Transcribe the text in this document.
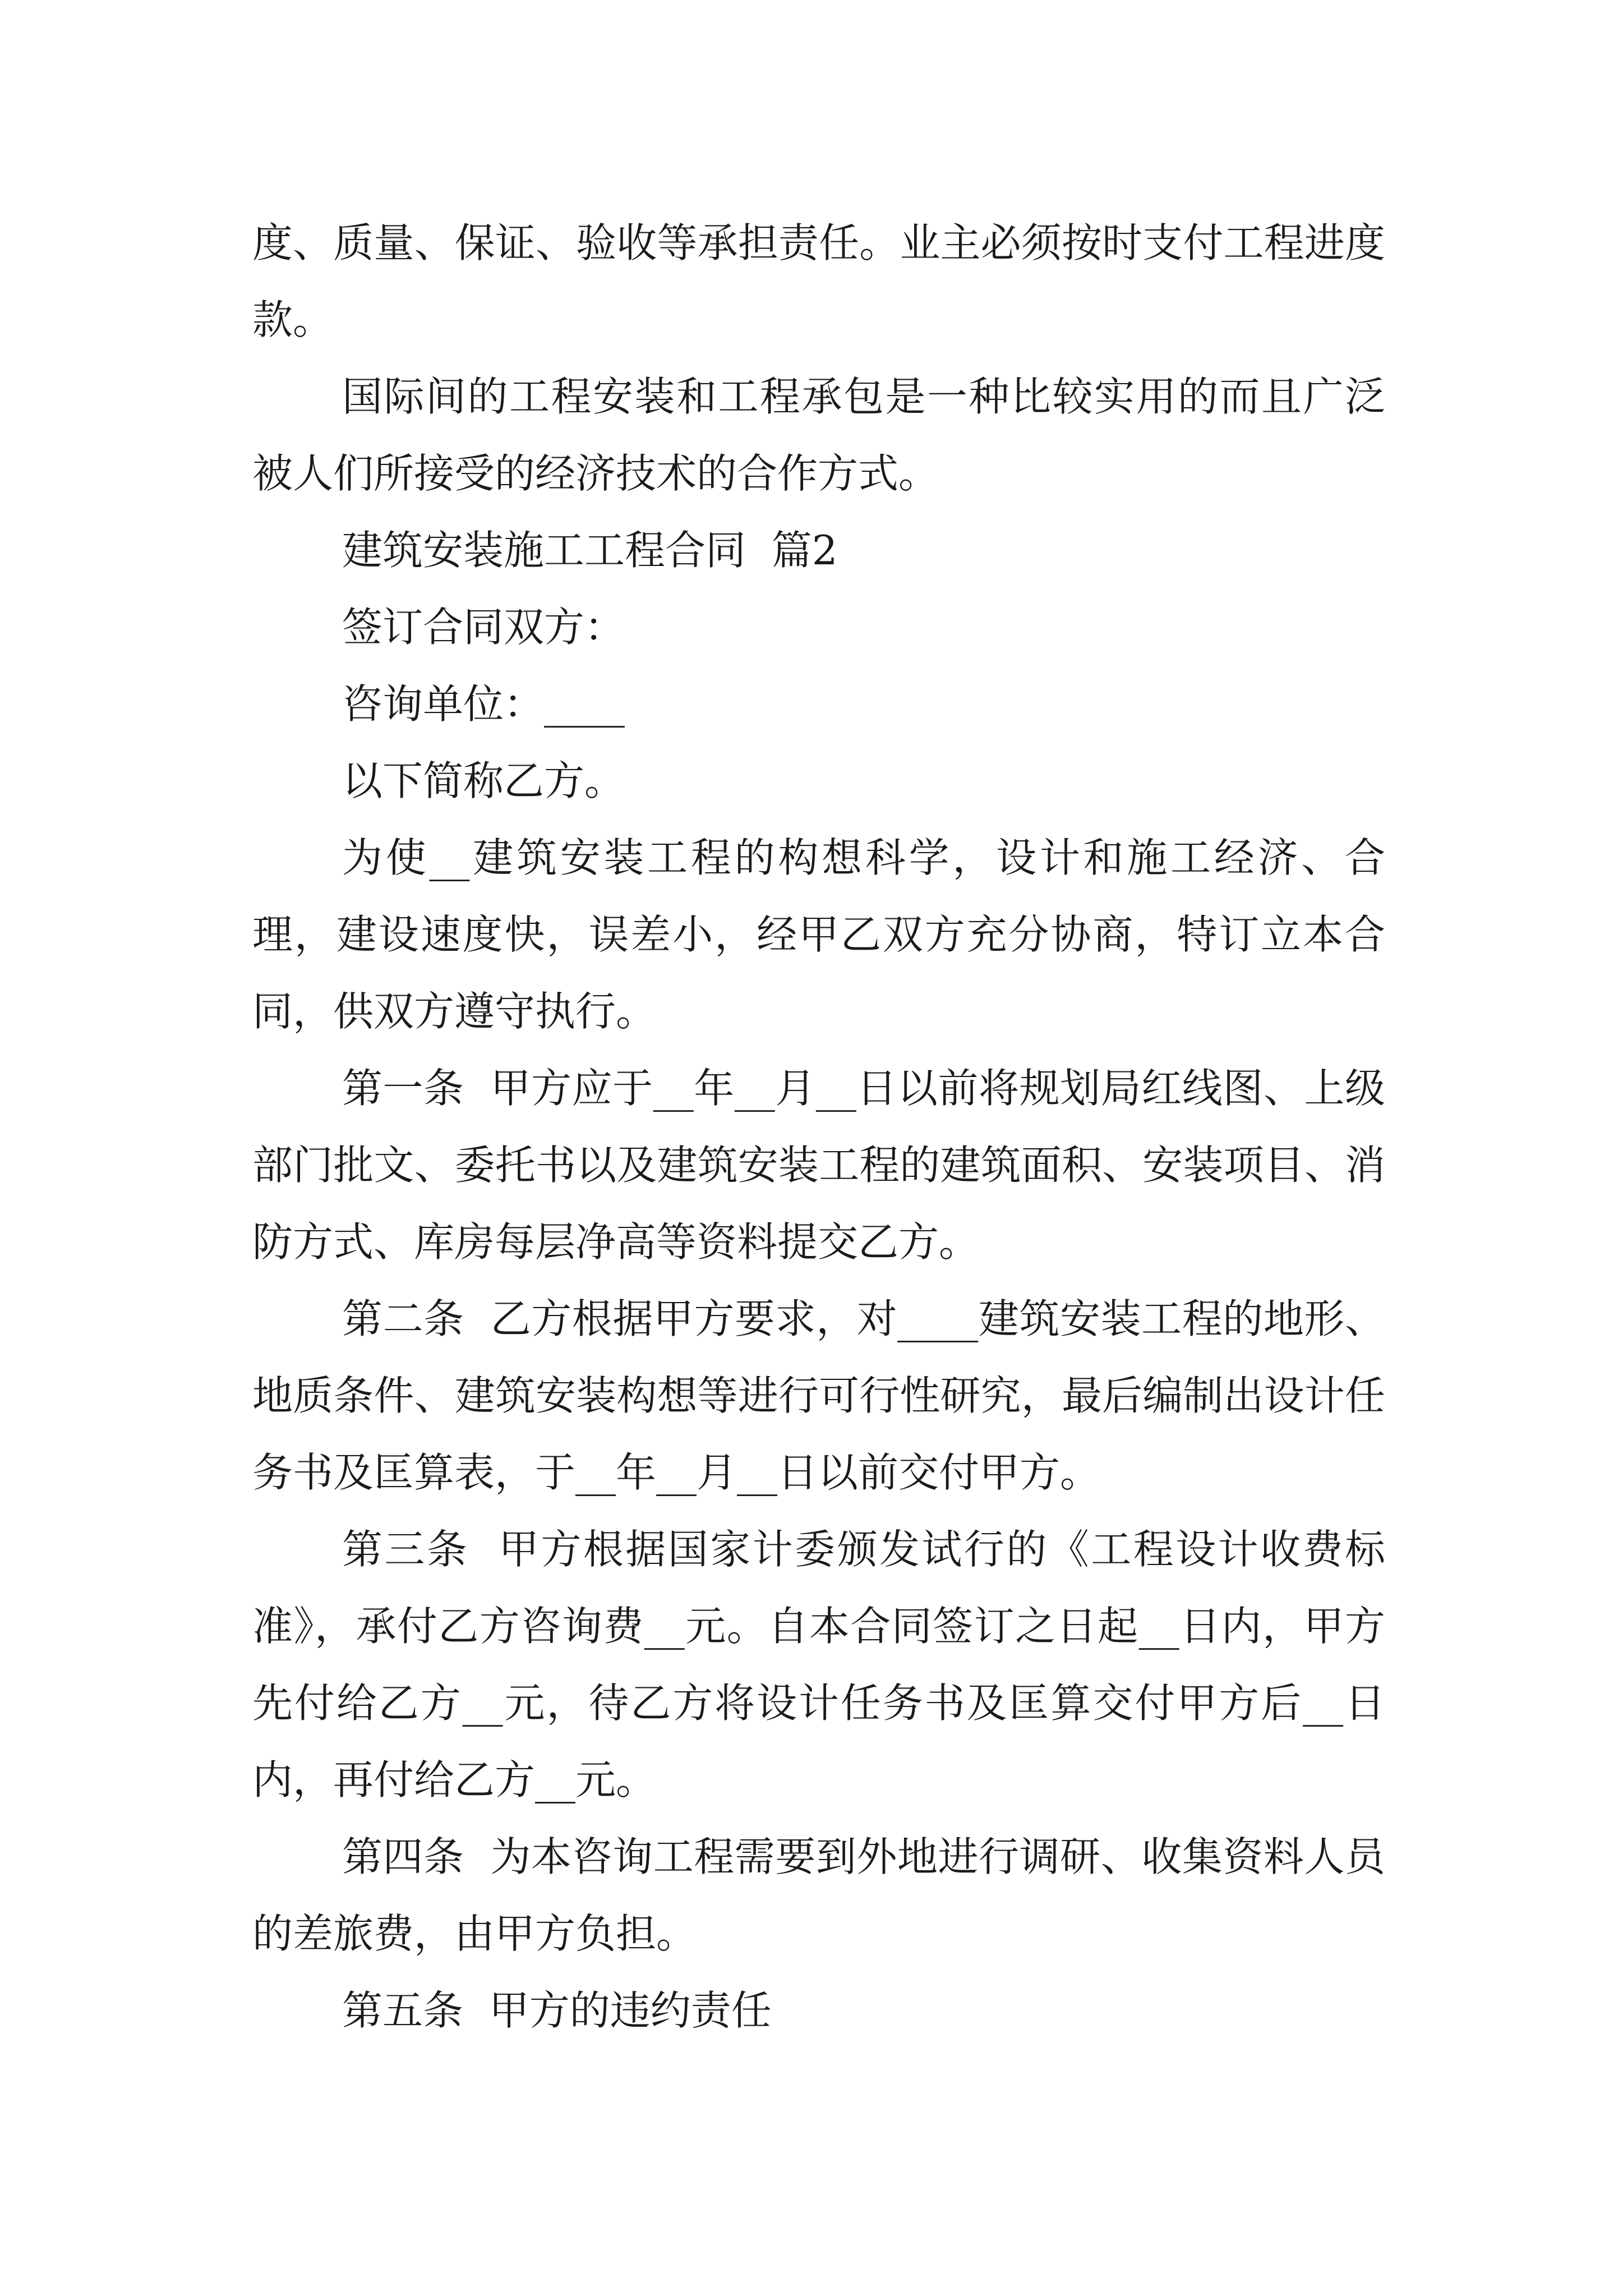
度、质量、保证、验收等承担责任。业主必须按时支付工程进度款。

国际间的工程安装和工程承包是一种比较实用的而且广泛被人们所接受的经济技术的合作方式。

建筑安装施工工程合同  篇2

签订合同双方：

咨询单位：____

以下简称乙方。

为使__建筑安装工程的构想科学，设计和施工经济、合理，建设速度快，误差小，经甲乙双方充分协商，特订立本合同，供双方遵守执行。

第一条  甲方应于__年__月__日以前将规划局红线图、上级部门批文、委托书以及建筑安装工程的建筑面积、安装项目、消防方式、库房每层净高等资料提交乙方。

第二条  乙方根据甲方要求，对____建筑安装工程的地形、地质条件、建筑安装构想等进行可行性研究，最后编制出设计任务书及匡算表，于__年__月__日以前交付甲方。

第三条  甲方根据国家计委颁发试行的《工程设计收费标准》，承付乙方咨询费__元。自本合同签订之日起__日内，甲方先付给乙方__元，待乙方将设计任务书及匡算交付甲方后__日内，再付给乙方__元。

第四条  为本咨询工程需要到外地进行调研、收集资料人员的差旅费，由甲方负担。

第五条  甲方的违约责任
